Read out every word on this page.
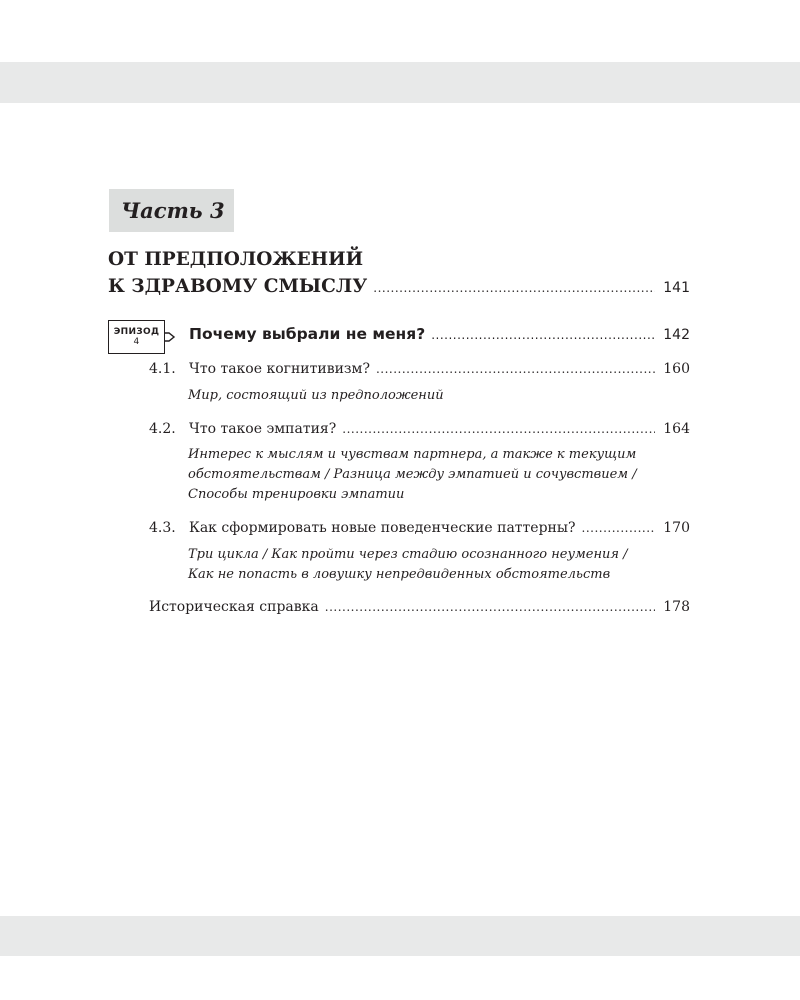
Часть 3
ОТ ПРЕДПОЛОЖЕНИЙ
К ЗДРАВОМУ СМЫСЛУ .....	141
ЭПИЗОД
4	Почему выбрали не меня? .....	142
4.1. Что такое когнитивизм? .....	160
Мир, состоящий из предположений
4.2. Что такое эмпатия? .....	164
Интерес к мыслям и чувствам партнера, а также к текущим
обстоятельствам / Разница между эмпатией и сочувствием /
Способы тренировки эмпатии
4.3. Как сформировать новые поведенческие паттерны? .....	170
Три цикла / Как пройти через стадию осознанного неумения /
Как не попасть в ловушку непредвиденных обстоятельств
Историческая справка .....	178
